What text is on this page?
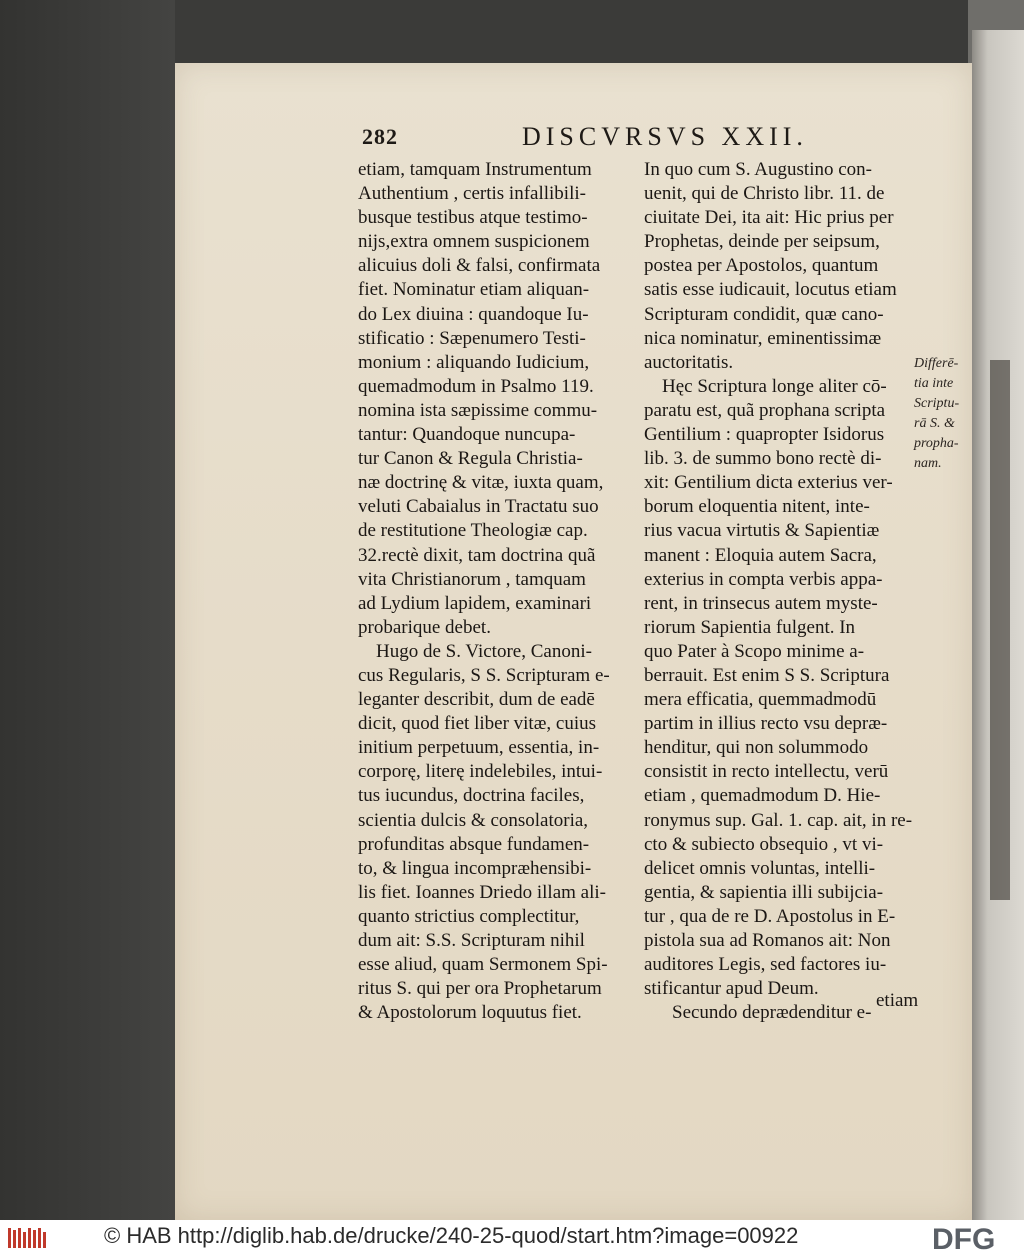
282	DISCVRSVS XXII.

etiam, tamquam Instrumentum

Authentium , certis infallibili-

busque testibus atque testimo-

nijs,extra omnem suspicionem

alicuius doli & falsi, confirmata

fiet. Nominatur etiam aliquan-

do Lex diuina : quandoque Iu-

stificatio : Sæpenumero Testi-

monium : aliquando Iudicium,

quemadmodum in Psalmo 119.

nomina ista sæpissime commu-

tantur: Quandoque nuncupa-

tur Canon & Regula Christia-

næ doctrinę & vitæ, iuxta quam,

veluti Cabaialus in Tractatu suo

de restitutione Theologiæ cap.

32.rectè dixit, tam doctrina quã

vita Christianorum , tamquam

ad Lydium lapidem, examinari

probarique debet.

Hugo de S. Victore, Canoni-

cus Regularis, S S. Scripturam e-

leganter describit, dum de eadē

dicit, quod fiet liber vitæ, cuius

initium perpetuum, essentia, in-

corporę, literę indelebiles, intui-

tus iucundus, doctrina faciles,

scientia dulcis & consolatoria,

profunditas absque fundamen-

to, & lingua incompræhensibi-

lis fiet. Ioannes Driedo illam ali-

quanto strictius complectitur,

dum ait: S.S. Scripturam nihil

esse aliud, quam Sermonem Spi-

ritus S. qui per ora Prophetarum

& Apostolorum loquutus fiet.

In quo cum S. Augustino con-

uenit, qui de Christo libr. 11. de

ciuitate Dei, ita ait: Hic prius per

Prophetas, deinde per seipsum,

postea per Apostolos, quantum

satis esse iudicauit, locutus etiam

Scripturam condidit, quæ cano-

nica nominatur, eminentissimæ

auctoritatis.

Hęc Scriptura longe aliter cō-

paratu est, quã prophana scripta

Gentilium : quapropter Isidorus

lib. 3. de summo bono rectè di-

xit: Gentilium dicta exterius ver-

borum eloquentia nitent, inte-

rius vacua virtutis & Sapientiæ

manent : Eloquia autem Sacra,

exterius in compta verbis appa-

rent, in trinsecus autem myste-

riorum Sapientia fulgent. In

quo Pater à Scopo minime a-

berrauit. Est enim S S. Scriptura

mera efficatia, quemmadmodū

partim in illius recto vsu depræ-

henditur, qui non solummodo

consistit in recto intellectu, verū

etiam , quemadmodum D. Hie-

ronymus sup. Gal. 1. cap. ait, in re-

cto & subiecto obsequio , vt vi-

delicet omnis voluntas, intelli-

gentia, & sapientia illi subijcia-

tur , qua de re D. Apostolus in E-

pistola sua ad Romanos ait: Non

auditores Legis, sed factores iu-

stificantur apud Deum.

Secundo deprædenditur e-

Differē-

tia inte

Scriptu-

rā S. &

propha-

nam.

etiam
© HAB http://diglib.hab.de/drucke/240-25-quod/start.htm?image=00922	DFG
